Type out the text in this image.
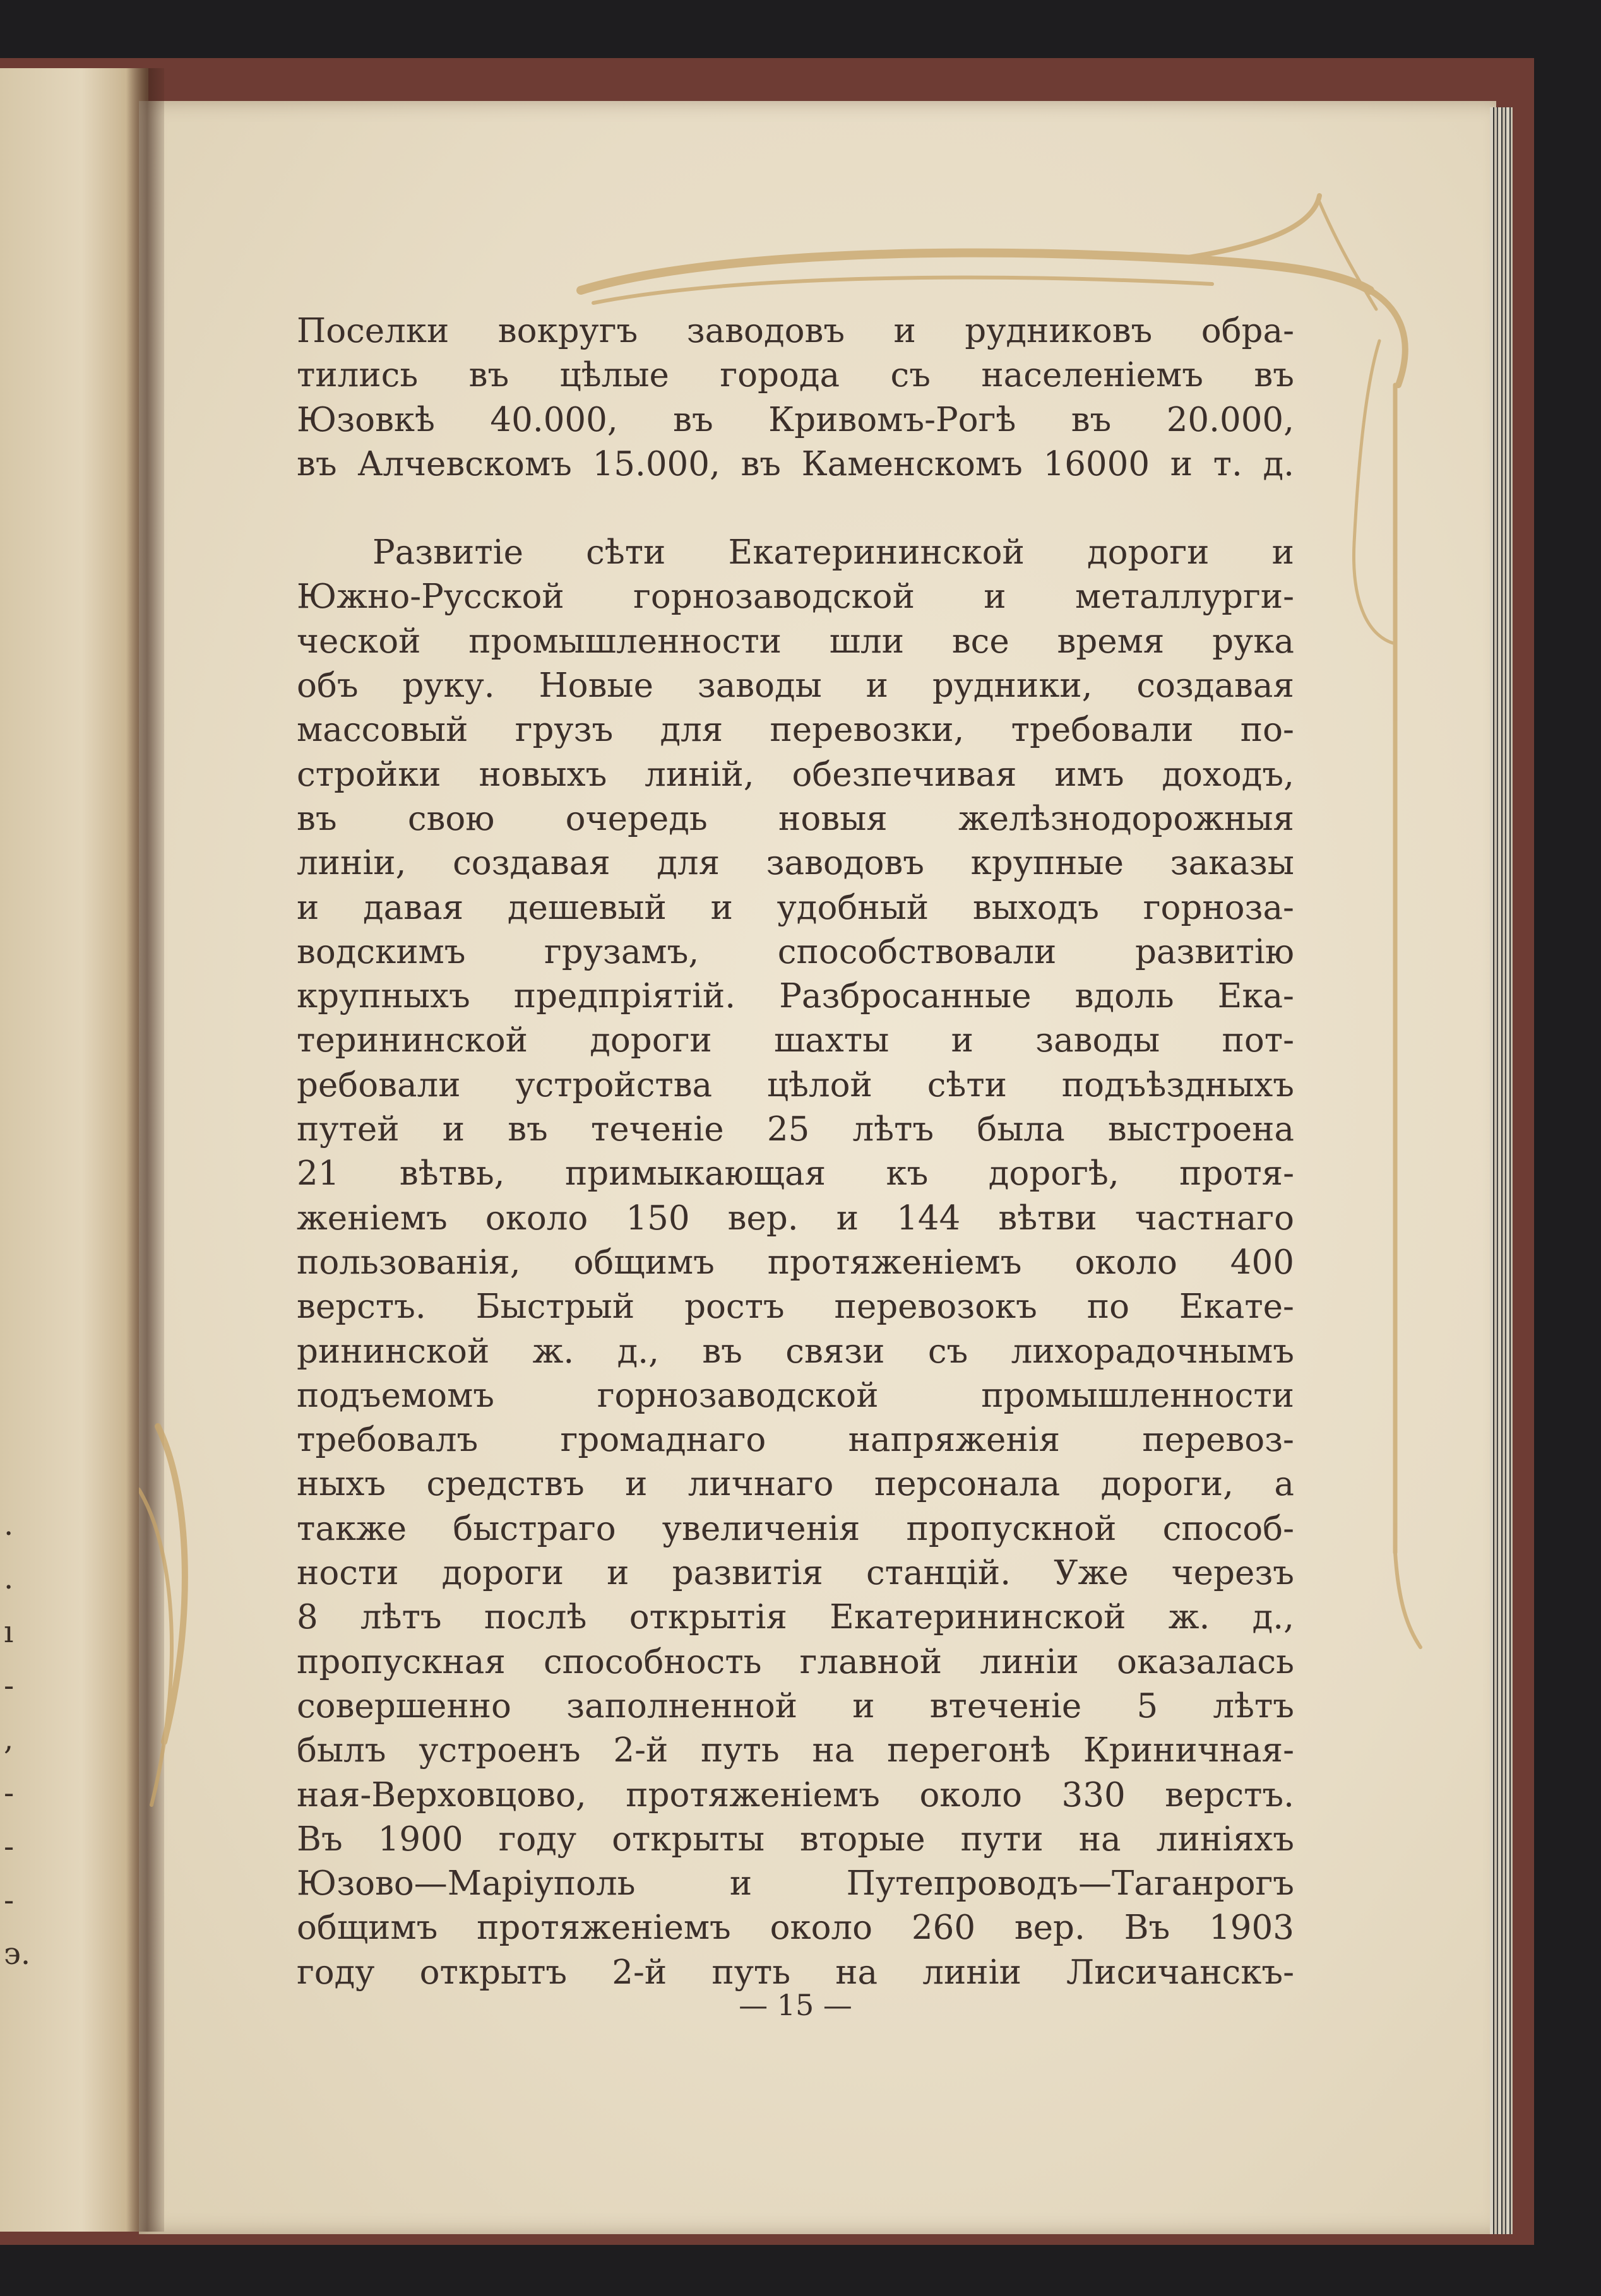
.
.
ı
-
,
-
-
-
э.
Поселки вокругъ заводовъ и рудниковъ обра-
тились въ цѣлые города съ населенiемъ въ
Юзовкѣ 40.000, въ Кривомъ-Рогѣ въ 20.000,
въ Алчевскомъ 15.000, въ Каменскомъ 16000 и т. д.
Развитiе сѣти Екатерининской дороги и
Южно-Русской горнозаводской и металлурги-
ческой промышленности шли все время рука
объ руку. Новые заводы и рудники, создавая
массовый грузъ для перевозки, требовали по-
стройки новыхъ линiй, обезпечивая имъ доходъ,
въ свою очередь новыя желѣзнодорожныя
линiи, создавая для заводовъ крупные заказы
и давая дешевый и удобный выходъ горноза-
водскимъ грузамъ, способствовали развитiю
крупныхъ предпрiятiй. Разбросанные вдоль Ека-
терининской дороги шахты и заводы пот-
ребовали устройства цѣлой сѣти подъѣздныхъ
путей и въ теченiе 25 лѣтъ была выстроена
21 вѣтвь, примыкающая къ дорогѣ, протя-
женiемъ около 150 вер. и 144 вѣтви частнаго
пользованiя, общимъ протяженiемъ около 400
верстъ. Быстрый ростъ перевозокъ по Екате-
рининской ж. д., въ связи съ лихорадочнымъ
подъемомъ	горнозаводской	промышленности
требовалъ громаднаго напряженiя перевоз-
ныхъ средствъ и личнаго персонала дороги, а
также быстраго увеличенiя пропускной способ-
ности дороги и развитiя станцiй. Уже черезъ
8 лѣтъ послѣ открытiя Екатерининской ж. д.,
пропускная способность главной линiи оказалась
совершенно заполненной и втеченiе 5 лѣтъ
былъ устроенъ 2-й путь на перегонѣ Криничная-
ная-Верховцово, протяженiемъ около 330 верстъ.
Въ 1900 году открыты вторые пути на линiяхъ
Юзово—Марiуполь	и	Путепроводъ—Таганрогъ
общимъ протяженiемъ около 260 вер. Въ 1903
году открытъ 2-й путь на линiи Лисичанскъ-
— 15 —
